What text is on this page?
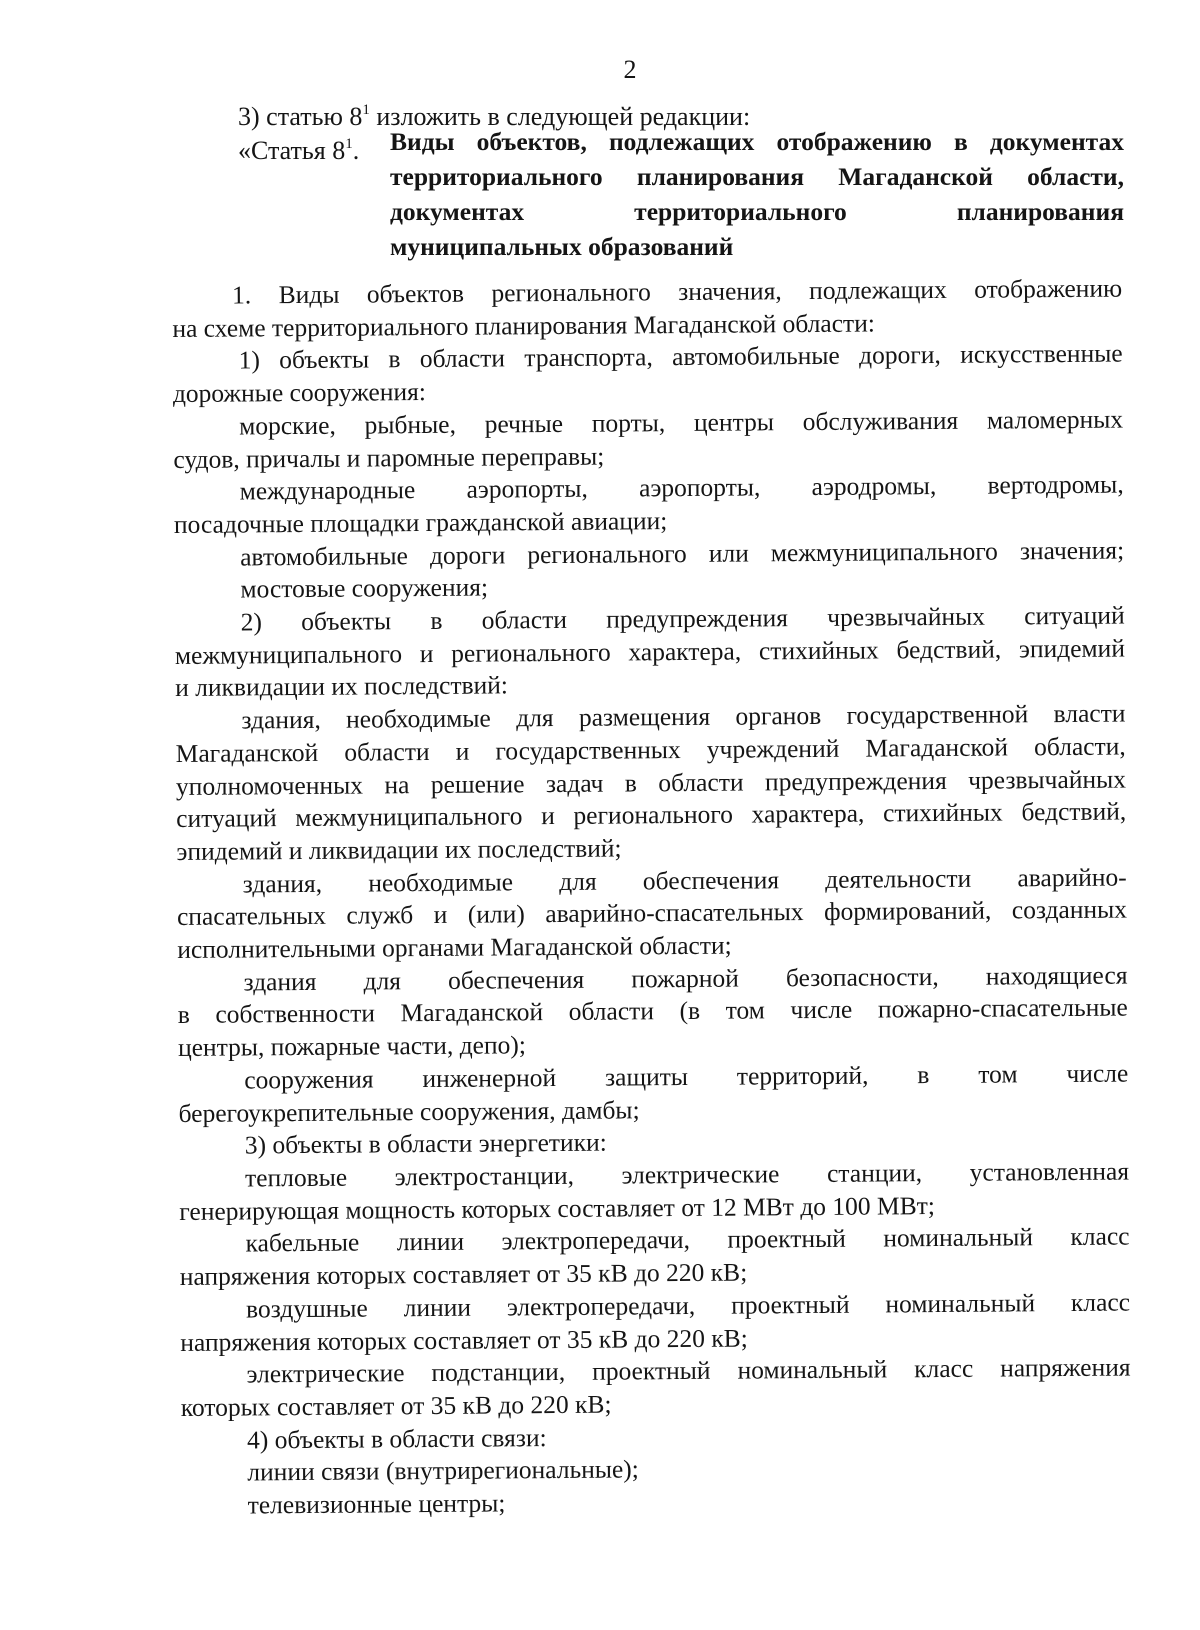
2
3) статью $8^1$ изложить в следующей редакции:
«Статья $8^1$. Виды объектов, подлежащих отображению в документах
территориального планирования Магаданской области,
документах территориального планирования
муниципальных образований
1. Виды объектов регионального значения, подлежащих отображению
на схеме территориального планирования Магаданской области:
1) объекты в области транспорта, автомобильные дороги, искусственные
дорожные сооружения:
морские, рыбные, речные порты, центры обслуживания маломерных
судов, причалы и паромные переправы;
международные аэропорты, аэропорты, аэродромы, вертодромы,
посадочные площадки гражданской авиации;
автомобильные дороги регионального или межмуниципального значения;
мостовые сооружения;
2) объекты в области предупреждения чрезвычайных ситуаций
межмуниципального и регионального характера, стихийных бедствий, эпидемий
и ликвидации их последствий:
здания, необходимые для размещения органов государственной власти
Магаданской области и государственных учреждений Магаданской области,
уполномоченных на решение задач в области предупреждения чрезвычайных
ситуаций межмуниципального и регионального характера, стихийных бедствий,
эпидемий и ликвидации их последствий;
здания, необходимые для обеспечения деятельности аварийно-
спасательных служб и (или) аварийно-спасательных формирований, созданных
исполнительными органами Магаданской области;
здания для обеспечения пожарной безопасности, находящиеся
в собственности Магаданской области (в том числе пожарно-спасательные
центры, пожарные части, депо);
сооружения инженерной защиты территорий, в том числе
берегоукрепительные сооружения, дамбы;
3) объекты в области энергетики:
тепловые электростанции, электрические станции, установленная
генерирующая мощность которых составляет от 12 МВт до 100 МВт;
кабельные линии электропередачи, проектный номинальный класс
напряжения которых составляет от 35 кВ до 220 кВ;
воздушные линии электропередачи, проектный номинальный класс
напряжения которых составляет от 35 кВ до 220 кВ;
электрические подстанции, проектный номинальный класс напряжения
которых составляет от 35 кВ до 220 кВ;
4) объекты в области связи:
линии связи (внутрирегиональные);
телевизионные центры;
